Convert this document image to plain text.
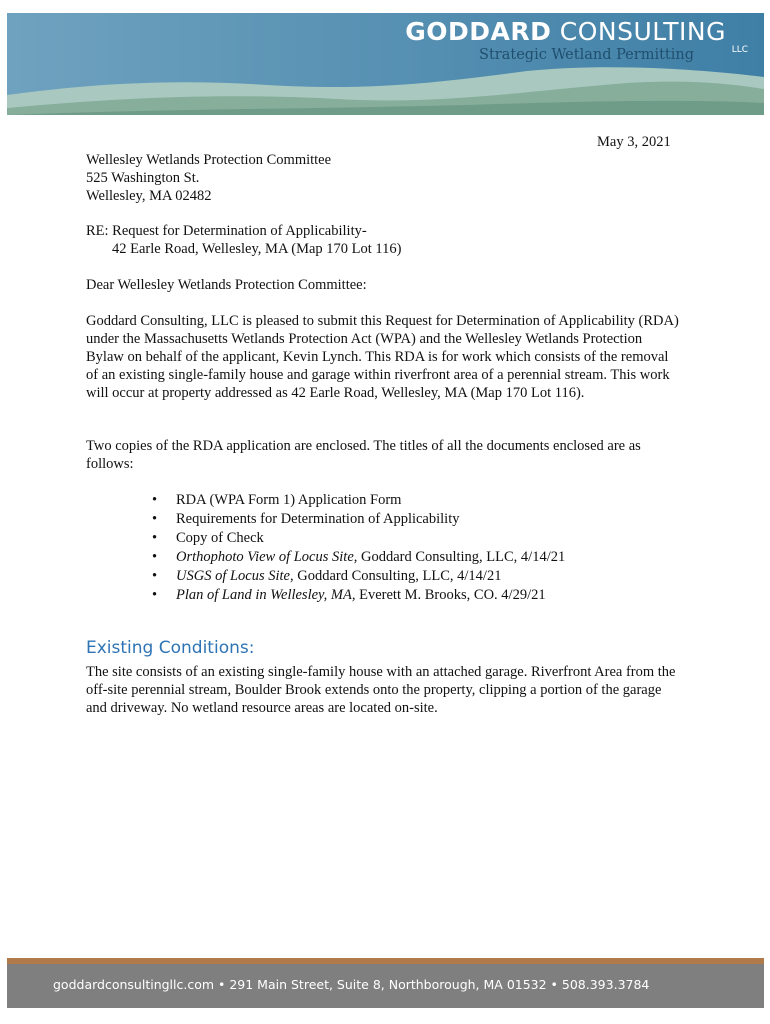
GODDARD CONSULTING
LLC
Strategic Wetland Permitting
May 3, 2021

Wellesley Wetlands Protection Committee
525 Washington St.
Wellesley, MA 02482

RE: Request for Determination of Applicability-
42 Earle Road, Wellesley, MA (Map 170 Lot 116)

Dear Wellesley Wetlands Protection Committee:

Goddard Consulting, LLC is pleased to submit this Request for Determination of Applicability (RDA) under the Massachusetts Wetlands Protection Act (WPA) and the Wellesley Wetlands Protection Bylaw on behalf of the applicant, Kevin Lynch. This RDA is for work which consists of the removal of an existing single-family house and garage within riverfront area of a perennial stream. This work will occur at property addressed as 42 Earle Road, Wellesley, MA (Map 170 Lot 116).

Two copies of the RDA application are enclosed. The titles of all the documents enclosed are as follows:

• RDA (WPA Form 1) Application Form
• Requirements for Determination of Applicability
• Copy of Check
• Orthophoto View of Locus Site, Goddard Consulting, LLC, 4/14/21
• USGS of Locus Site, Goddard Consulting, LLC, 4/14/21
• Plan of Land in Wellesley, MA, Everett M. Brooks, CO. 4/29/21
Existing Conditions:

The site consists of an existing single-family house with an attached garage. Riverfront Area from the off-site perennial stream, Boulder Brook extends onto the property, clipping a portion of the garage and driveway. No wetland resource areas are located on-site.

goddardconsultingllc.com • 291 Main Street, Suite 8, Northborough, MA 01532 • 508.393.3784
